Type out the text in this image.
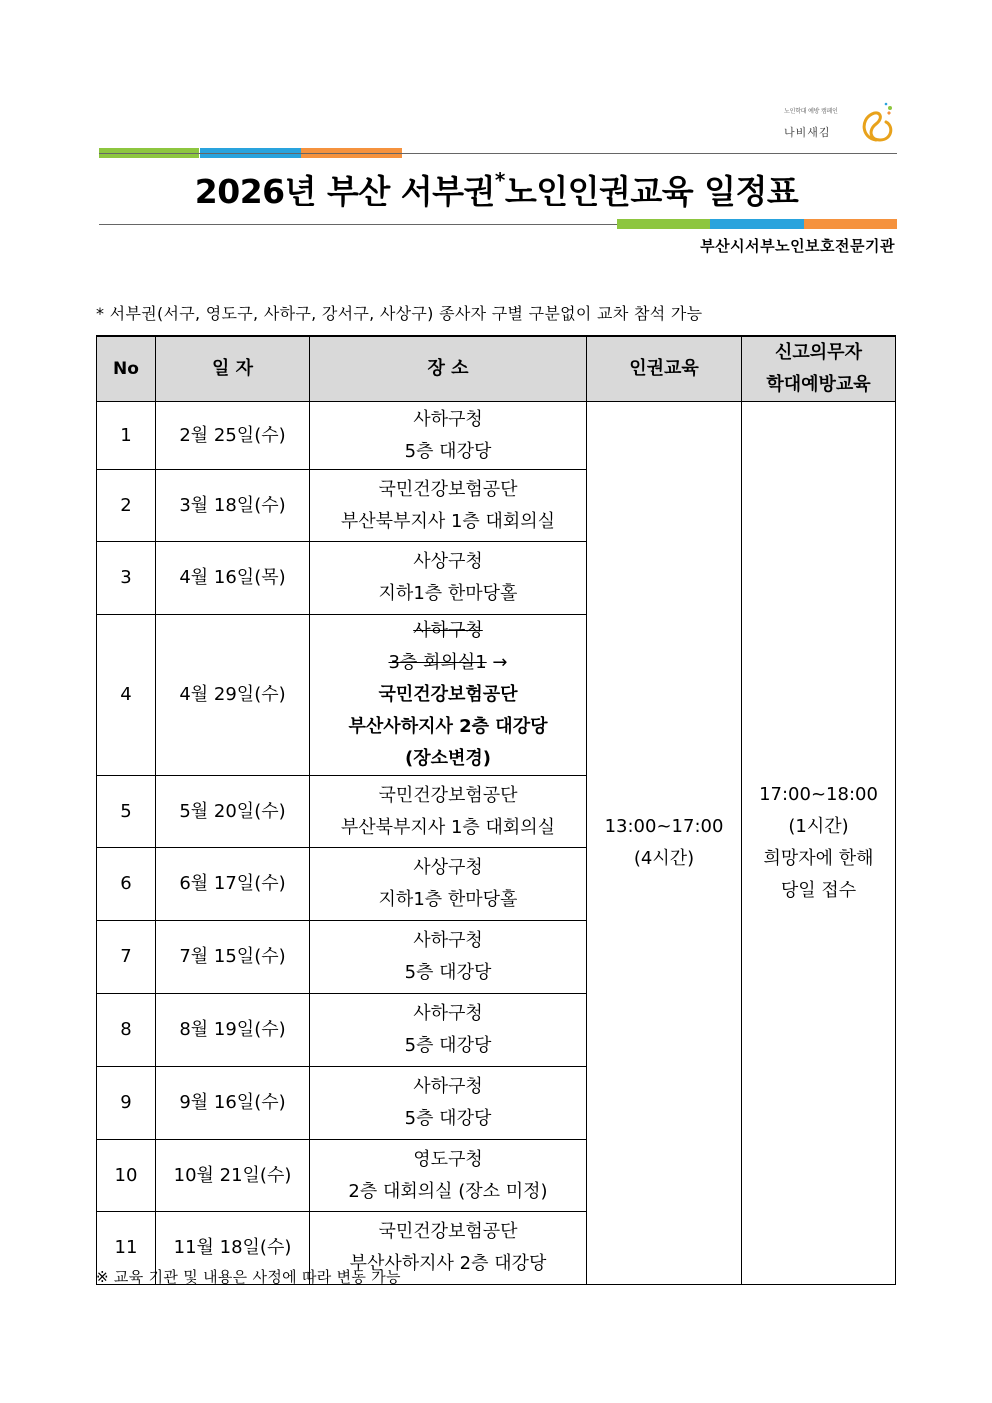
노인학대 예방 캠페인
나비새김
2026년 부산 서부권*노인인권교육 일정표
부산시서부노인보호전문기관
* 서부권(서구, 영도구, 사하구, 강서구, 사상구) 종사자 구별 구분없이 교차 참석 가능
No	일 자	장 소	인권교육	신고의무자
학대예방교육

1	2월 25일(수)	사하구청
5층 대강당	13:00~17:00
(4시간)	17:00~18:00
(1시간)
희망자에 한해
당일 접수

2	3월 18일(수)	국민건강보험공단
부산북부지사 1층 대회의실		

3	4월 16일(목)	사상구청
지하1층 한마당홀		

4	4월 29일(수)	사하구청
3층 회의실1 →
국민건강보험공단
부산사하지사 2층 대강당
(장소변경)		

5	5월 20일(수)	국민건강보험공단
부산북부지사 1층 대회의실		

6	6월 17일(수)	사상구청
지하1층 한마당홀		

7	7월 15일(수)	사하구청
5층 대강당		

8	8월 19일(수)	사하구청
5층 대강당		

9	9월 16일(수)	사하구청
5층 대강당		

10	10월 21일(수)	영도구청
2층 대회의실 (장소 미정)		

11	11월 18일(수)	국민건강보험공단
부산사하지사 2층 대강당		
※ 교육 기관 및 내용은 사정에 따라 변동 가능
